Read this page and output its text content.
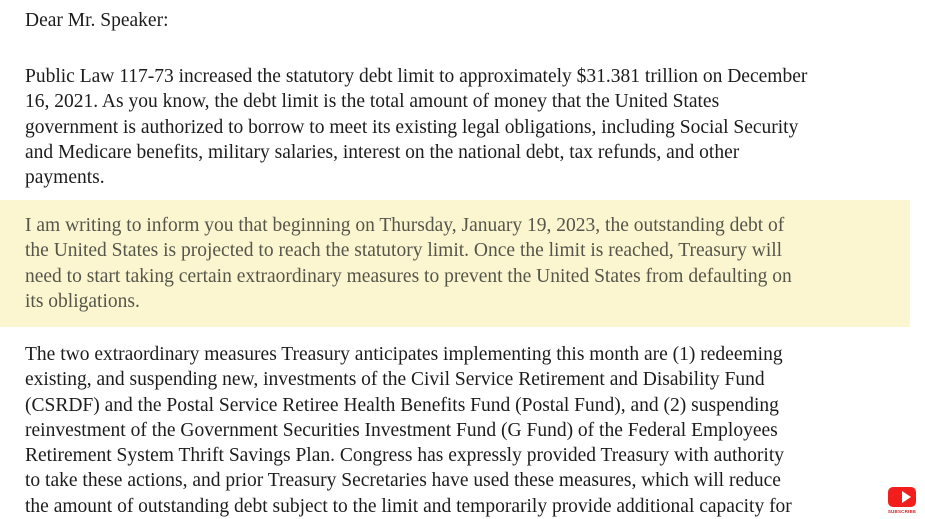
Dear Mr. Speaker:

Public Law 117-73 increased the statutory debt limit to approximately $31.381 trillion on December
16, 2021. As you know, the debt limit is the total amount of money that the United States
government is authorized to borrow to meet its existing legal obligations, including Social Security
and Medicare benefits, military salaries, interest on the national debt, tax refunds, and other
payments.

I am writing to inform you that beginning on Thursday, January 19, 2023, the outstanding debt of
the United States is projected to reach the statutory limit. Once the limit is reached, Treasury will
need to start taking certain extraordinary measures to prevent the United States from defaulting on
its obligations.

The two extraordinary measures Treasury anticipates implementing this month are (1) redeeming
existing, and suspending new, investments of the Civil Service Retirement and Disability Fund
(CSRDF) and the Postal Service Retiree Health Benefits Fund (Postal Fund), and (2) suspending
reinvestment of the Government Securities Investment Fund (G Fund) of the Federal Employees
Retirement System Thrift Savings Plan. Congress has expressly provided Treasury with authority
to take these actions, and prior Treasury Secretaries have used these measures, which will reduce
the amount of outstanding debt subject to the limit and temporarily provide additional capacity for	SUBSCRIBE
